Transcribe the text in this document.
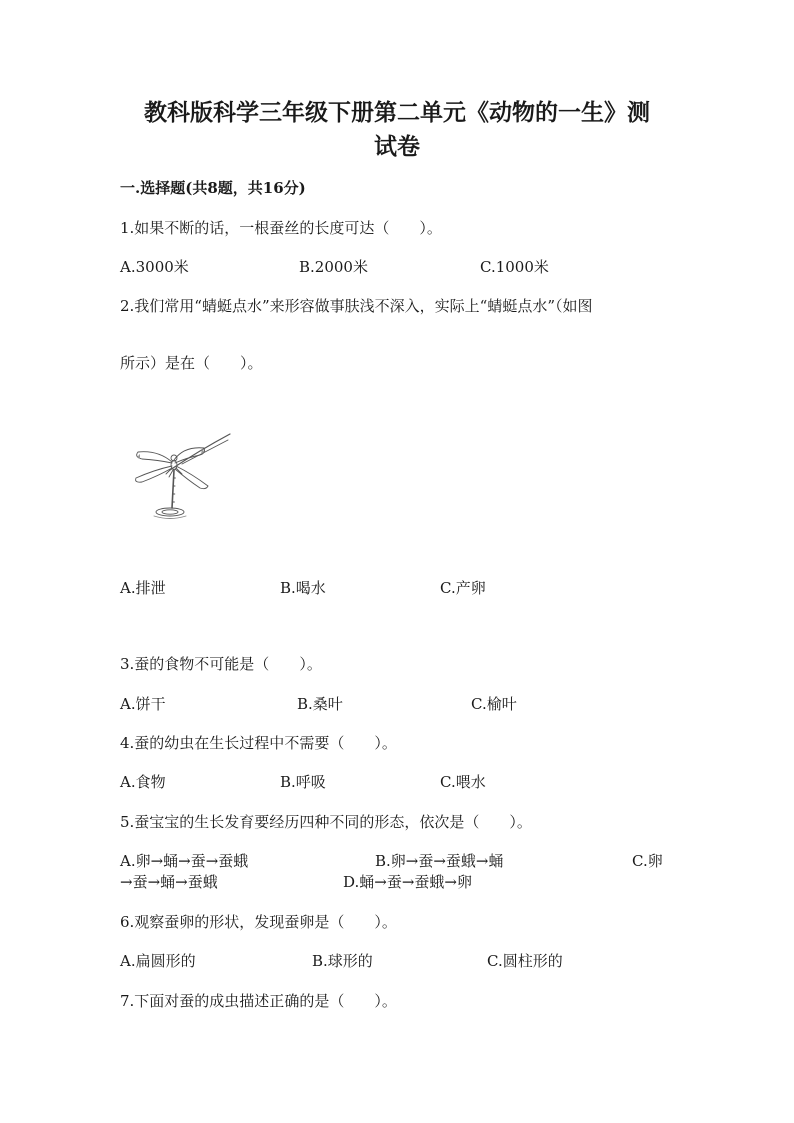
教科版科学三年级下册第二单元《动物的一生》测
试卷
一.选择题(共8题，共16分)
1.如果不断的话，一根蚕丝的长度可达（　　）。
A.3000米	B.2000米	C.1000米
2.我们常用“蜻蜓点水”来形容做事肤浅不深入，实际上“蜻蜓点水”（如图
所示）是在（　　）。
A.排泄	B.喝水	C.产卵
3.蚕的食物不可能是（　　）。
A.饼干	B.桑叶	C.榆叶
4.蚕的幼虫在生长过程中不需要（　　）。
A.食物	B.呼吸	C.喂水
5.蚕宝宝的生长发育要经历四种不同的形态，依次是（　　）。
A.卵→蛹→蚕→蚕蛾	B.卵→蚕→蚕蛾→蛹	C.卵
→蚕→蛹→蚕蛾	D.蛹→蚕→蚕蛾→卵
6.观察蚕卵的形状，发现蚕卵是（　　）。
A.扁圆形的	B.球形的	C.圆柱形的
7.下面对蚕的成虫描述正确的是（　　）。
